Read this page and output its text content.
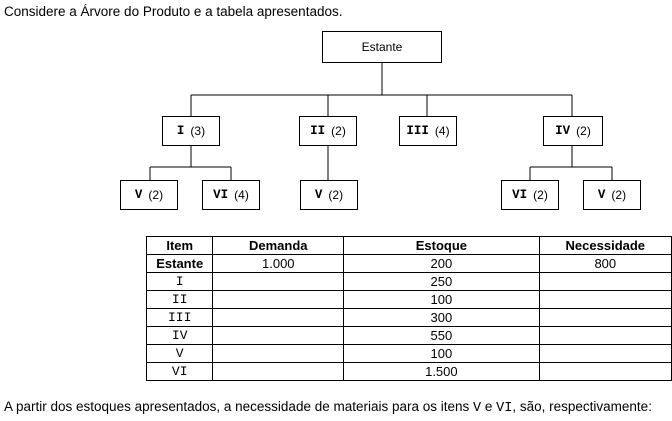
Considere a Árvore do Produto e a tabela apresentados.
Estante
I (3)	II (2)	III (4)	IV (2)
V (2)	VI (4)	V (2)	VI (2)	V (2)
Item	Demanda	Estoque	Necessidade
Estante	1.000	200	800
I		250	
II		100	
III		300	
IV		550	
V		100	
VI		1.500	
A partir dos estoques apresentados, a necessidade de materiais para os itens V e VI, são, respectivamente:
